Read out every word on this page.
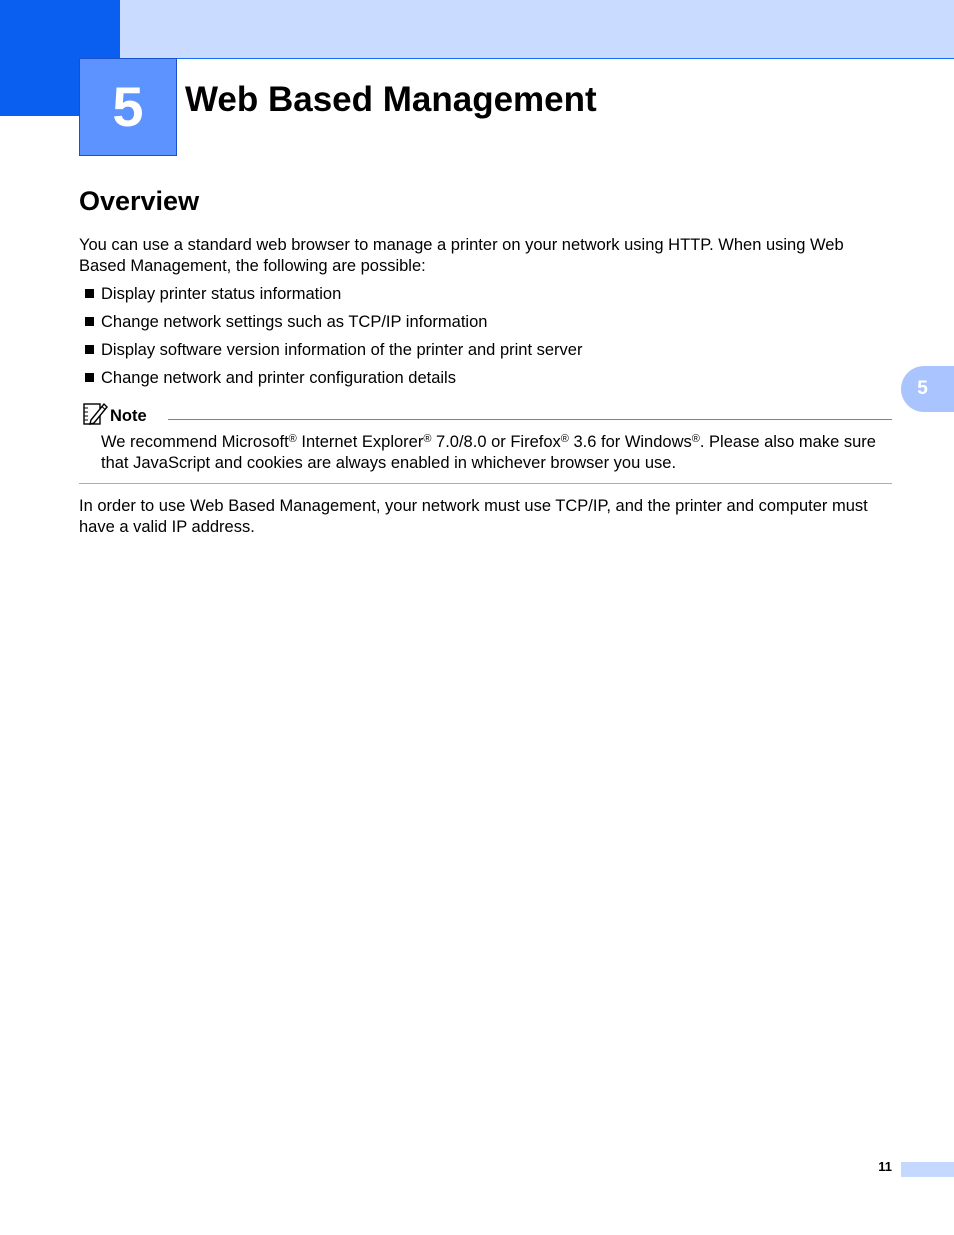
5 Web Based Management
Overview

You can use a standard web browser to manage a printer on your network using HTTP. When using Web Based Management, the following are possible:

Display printer status information

Change network settings such as TCP/IP information

Display software version information of the printer and print server

Change network and printer configuration details

Note

We recommend Microsoft® Internet Explorer® 7.0/8.0 or Firefox® 3.6 for Windows®. Please also make sure that JavaScript and cookies are always enabled in whichever browser you use.

In order to use Web Based Management, your network must use TCP/IP, and the printer and computer must have a valid IP address.

5
11
